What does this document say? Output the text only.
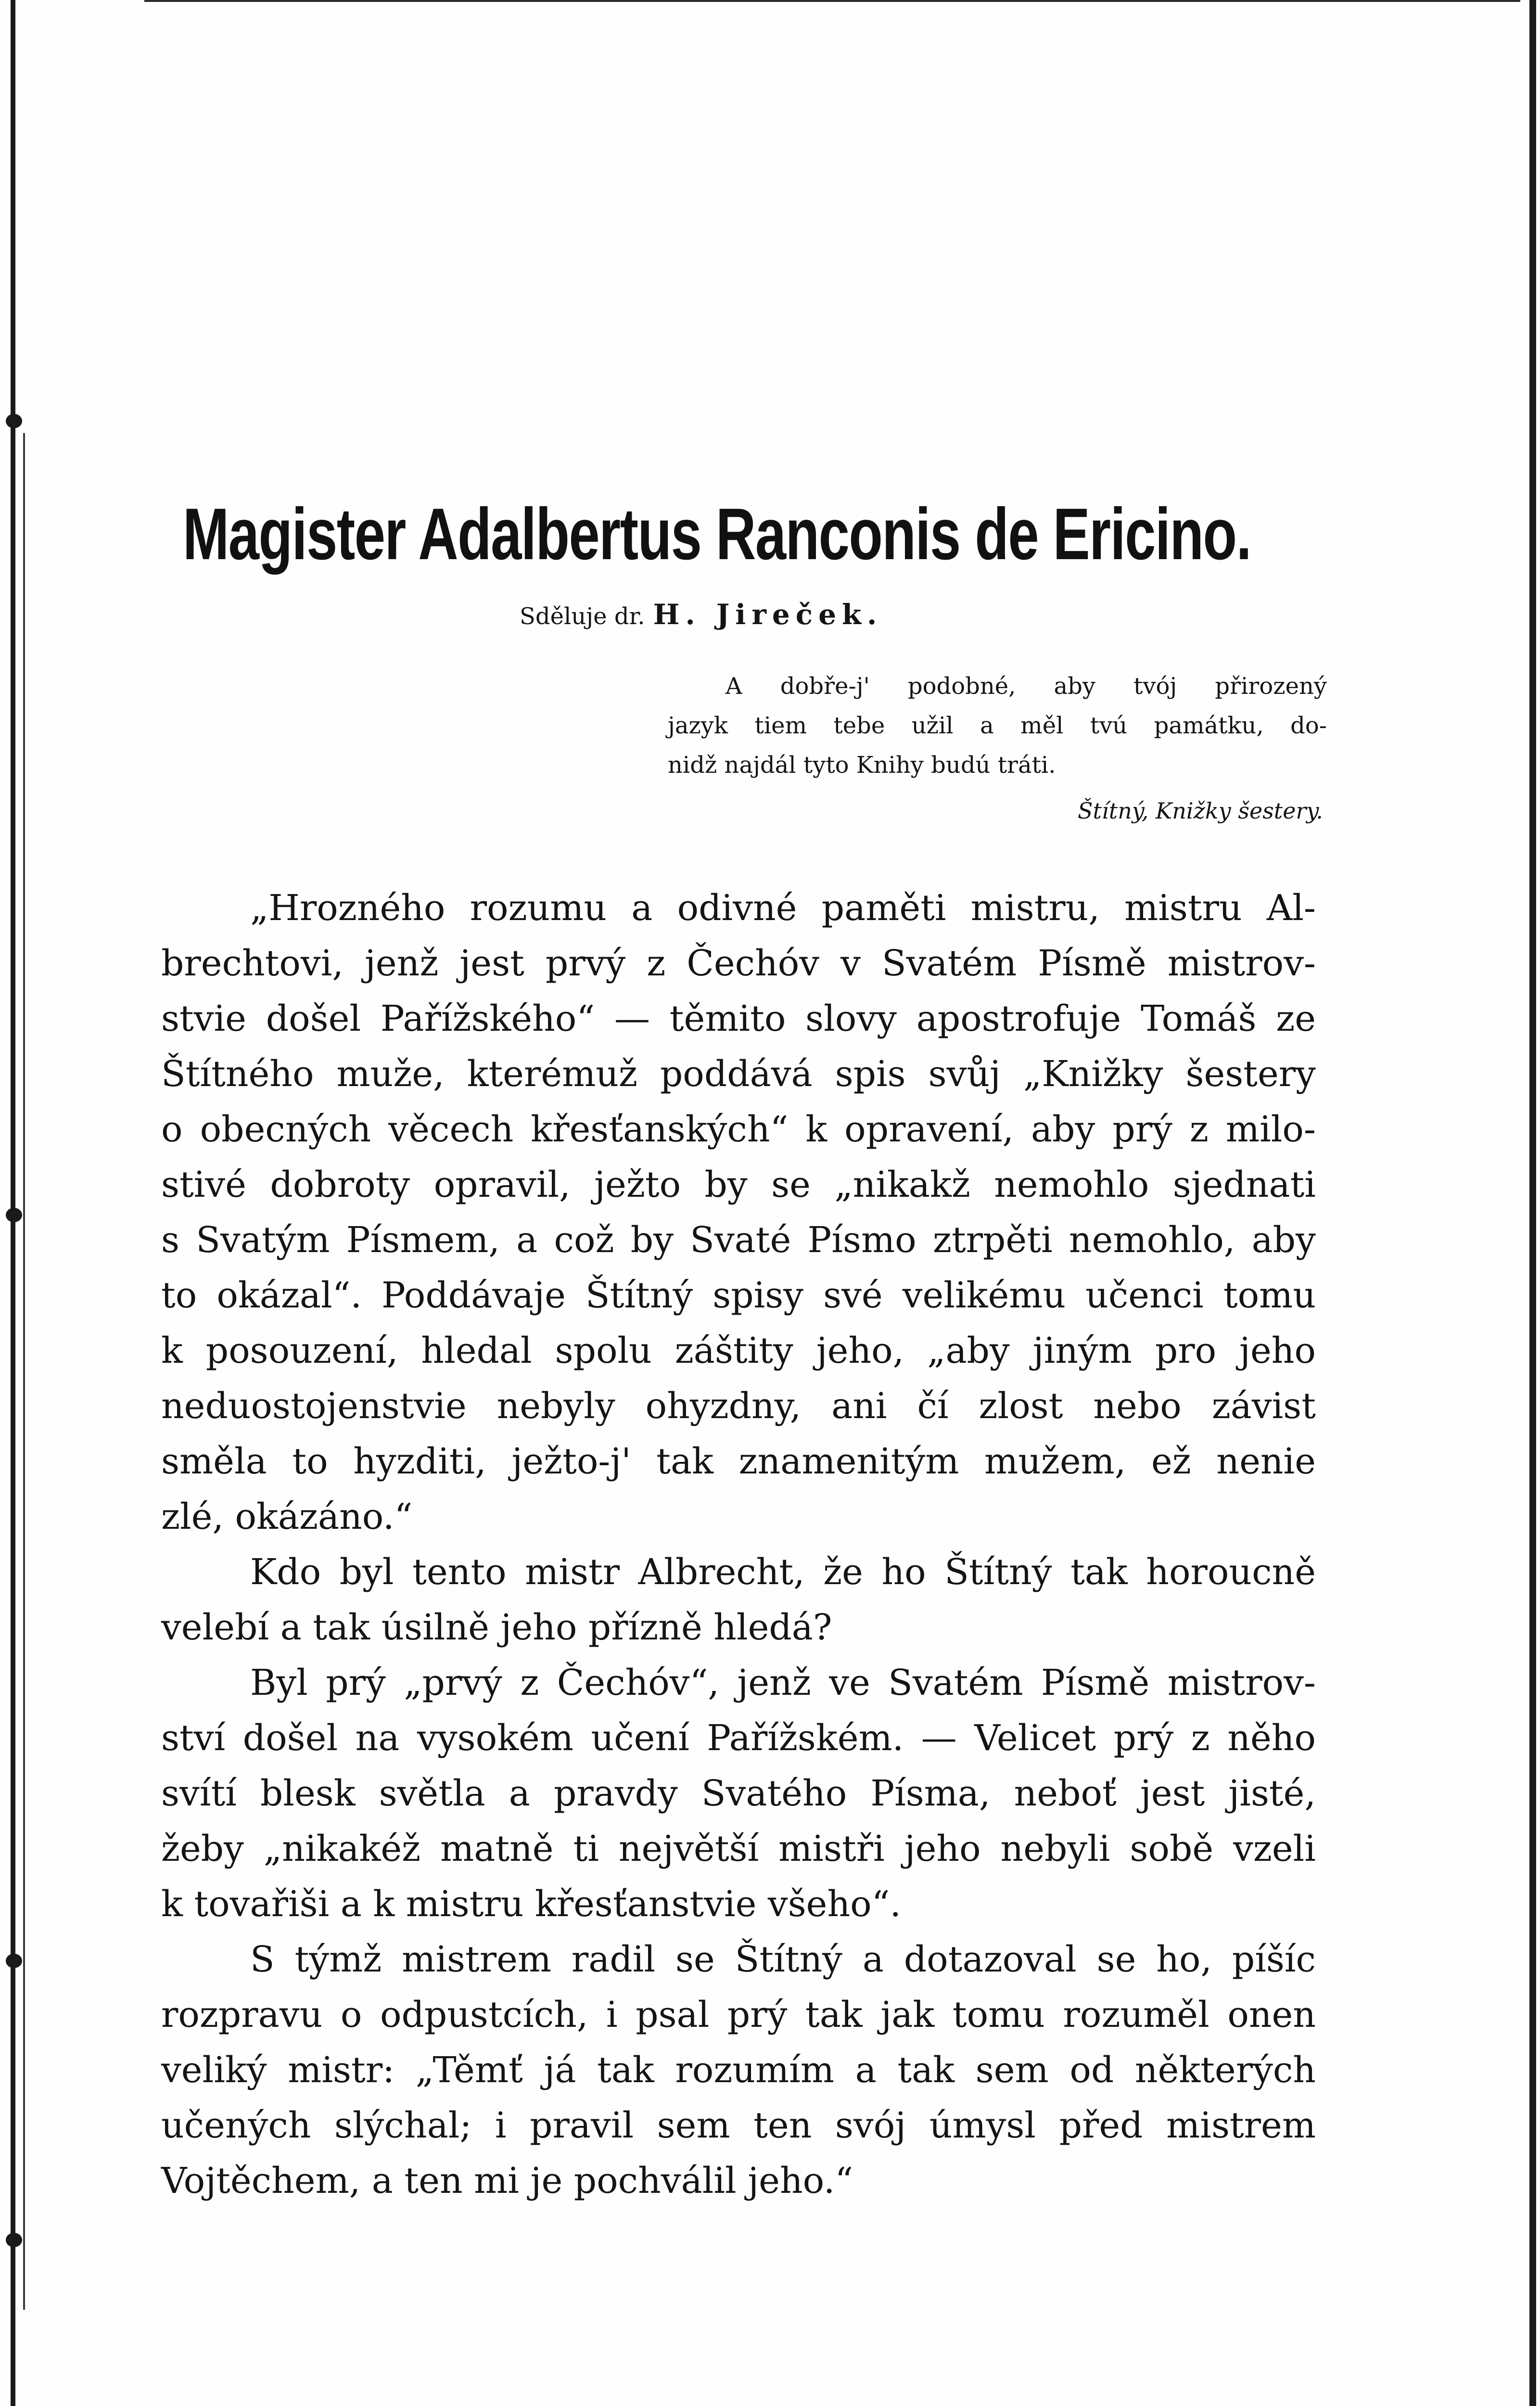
Magister Adalbertus Ranconis de Ericino.
Sděluje dr. H. Jireček.
A dobře-j' podobné, aby tvój přirozený
jazyk tiem tebe užil a měl tvú památku, do-
nidž najdál tyto Knihy budú tráti.
Štítný, Knižky šestery.
„Hrozného rozumu a odivné paměti mistru, mistru Al-
brechtovi, jenž jest prvý z Čechóv v Svatém Písmě mistrov-
stvie došel Pařížského“ — těmito slovy apostrofuje Tomáš ze
Štítného muže, kterémuž poddává spis svůj „Knižky šestery
o obecných věcech křesťanských“ k opravení, aby prý z milo-
stivé dobroty opravil, ježto by se „nikakž nemohlo sjednati
s Svatým Písmem, a což by Svaté Písmo ztrpěti nemohlo, aby
to okázal“. Poddávaje Štítný spisy své velikému učenci tomu
k posouzení, hledal spolu záštity jeho, „aby jiným pro jeho
neduostojenstvie nebyly ohyzdny, ani čí zlost nebo závist
směla to hyzditi, ježto-j' tak znamenitým mužem, ež nenie
zlé, okázáno.“
Kdo byl tento mistr Albrecht, že ho Štítný tak horoucně
velebí a tak úsilně jeho přízně hledá?
Byl prý „prvý z Čechóv“, jenž ve Svatém Písmě mistrov-
ství došel na vysokém učení Pařížském. — Velicet prý z něho
svítí blesk světla a pravdy Svatého Písma, neboť jest jisté,
žeby „nikakéž matně ti největší mistři jeho nebyli sobě vzeli
k tovařiši a k mistru křesťanstvie všeho“.
S týmž mistrem radil se Štítný a dotazoval se ho, píšíc
rozpravu o odpustcích, i psal prý tak jak tomu rozuměl onen
veliký mistr: „Těmť já tak rozumím a tak sem od některých
učených slýchal; i pravil sem ten svój úmysl před mistrem
Vojtěchem, a ten mi je pochválil jeho.“
